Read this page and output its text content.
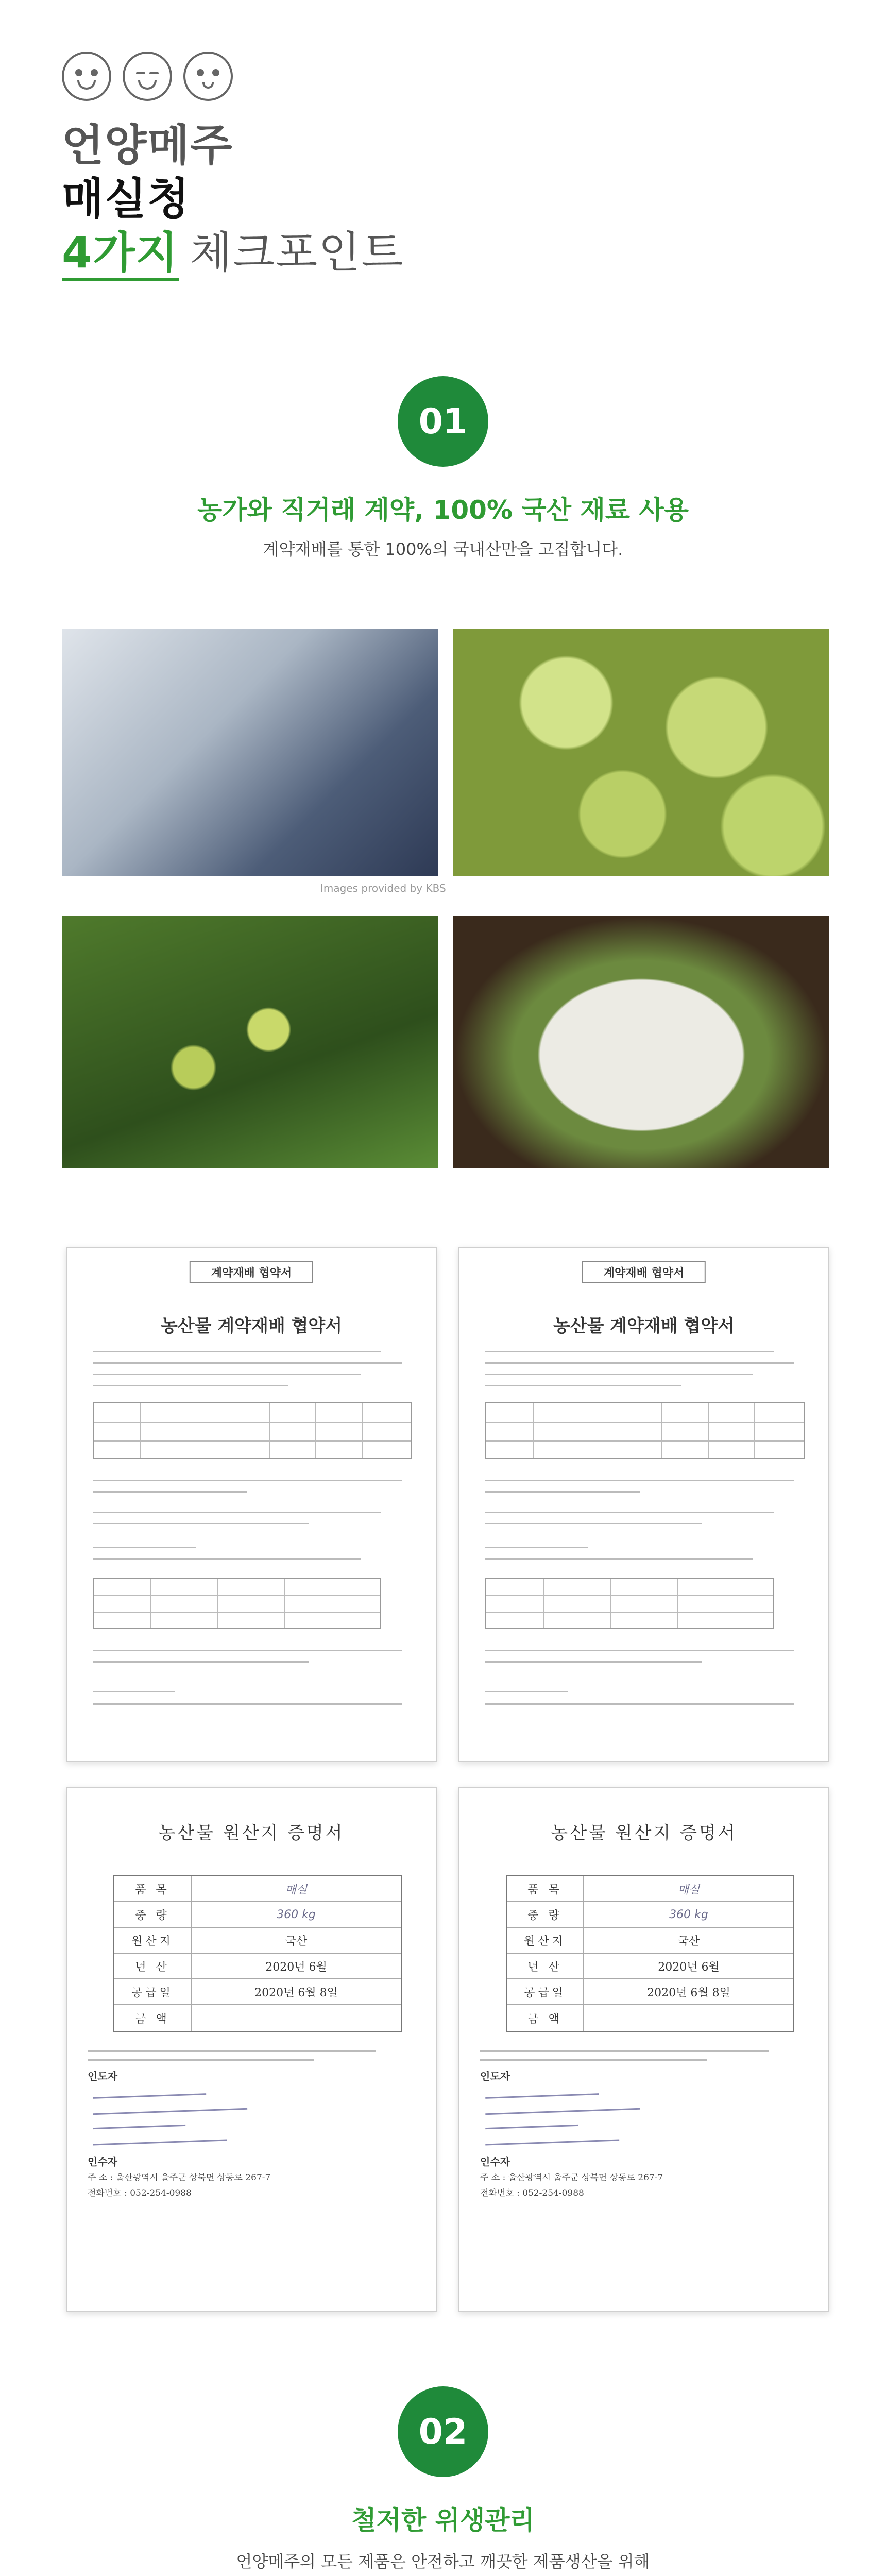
언양메주
매실청
4가지 체크포인트
01
농가와 직거래 계약, 100% 국산 재료 사용
계약재배를 통한 100%의 국내산만을 고집합니다.
Images provided by KBS
계약재배 협약서
농산물 계약재배 협약서
계약재배 협약서
농산물 계약재배 협약서
농산물 원산지 증명서
품 목	매실
중 량	360 kg
원산지	국산
년 산	2020년 6월
공급일	2020년 6월 8일
금 액
인도자
인수자
주 소 : 울산광역시 울주군 상북면 상동로 267-7
전화번호 : 052-254-0988
농산물 원산지 증명서
품 목	매실
중 량	360 kg
원산지	국산
년 산	2020년 6월
공급일	2020년 6월 8일
금 액
인도자
인수자
주 소 : 울산광역시 울주군 상북면 상동로 267-7
전화번호 : 052-254-0988
02
철저한 위생관리
언양메주의 모든 제품은 안전하고 깨끗한 제품생산을 위해
